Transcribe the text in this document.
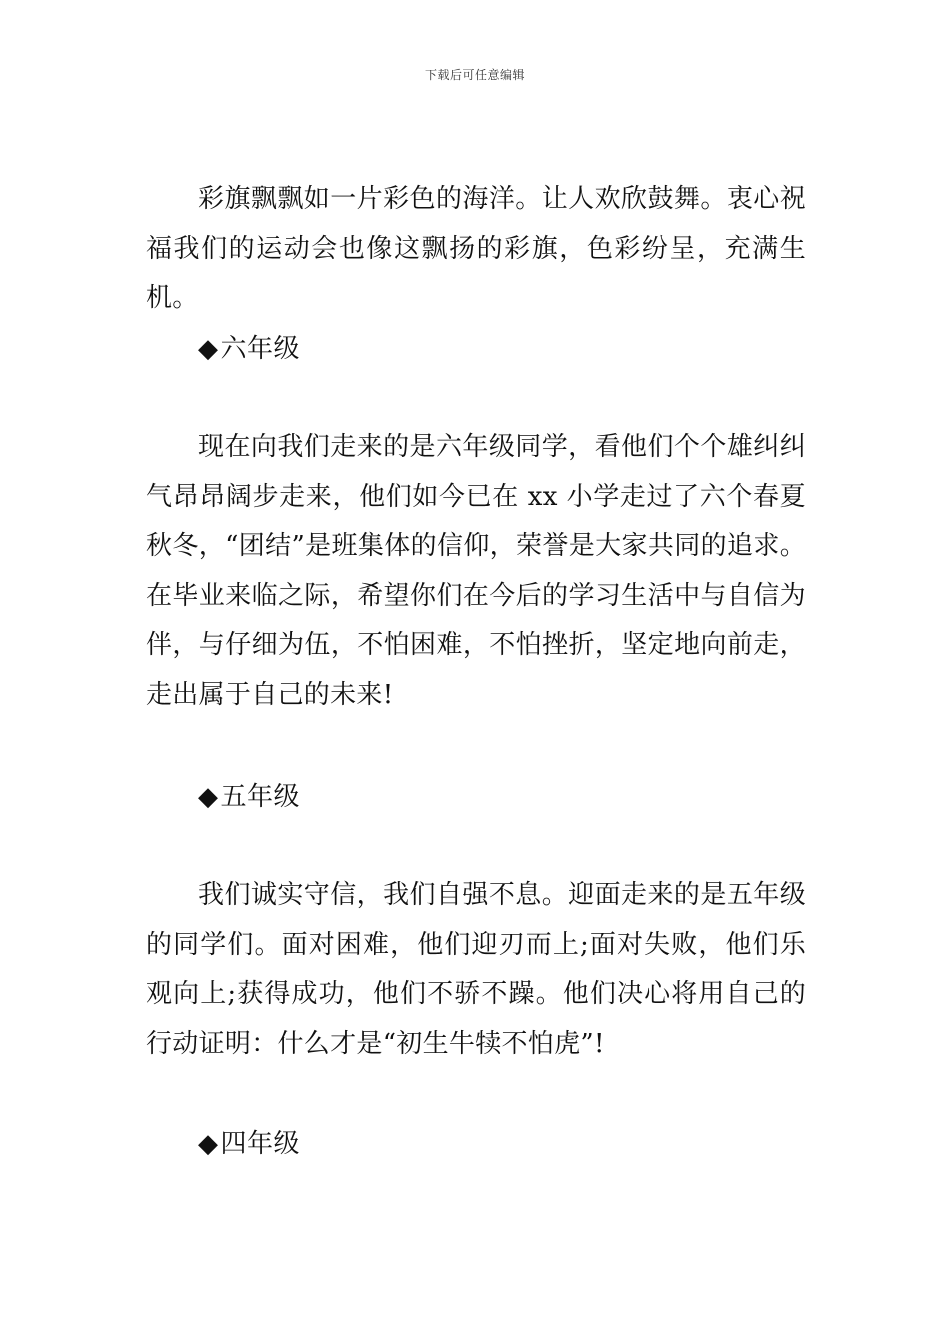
下载后可任意编辑

彩旗飘飘如一片彩色的海洋。让人欢欣鼓舞。衷心祝福我们的运动会也像这飘扬的彩旗，色彩纷呈，充满生机。

◆六年级

现在向我们走来的是六年级同学，看他们个个雄纠纠气昂昂阔步走来，他们如今已在 xx 小学走过了六个春夏秋冬，“团结”是班集体的信仰，荣誉是大家共同的追求。在毕业来临之际，希望你们在今后的学习生活中与自信为伴，与仔细为伍，不怕困难，不怕挫折，坚定地向前走，走出属于自己的未来!

◆五年级

我们诚实守信，我们自强不息。迎面走来的是五年级的同学们。面对困难，他们迎刃而上;面对失败，他们乐观向上;获得成功，他们不骄不躁。他们决心将用自己的行动证明：什么才是“初生牛犊不怕虎”!

◆四年级
